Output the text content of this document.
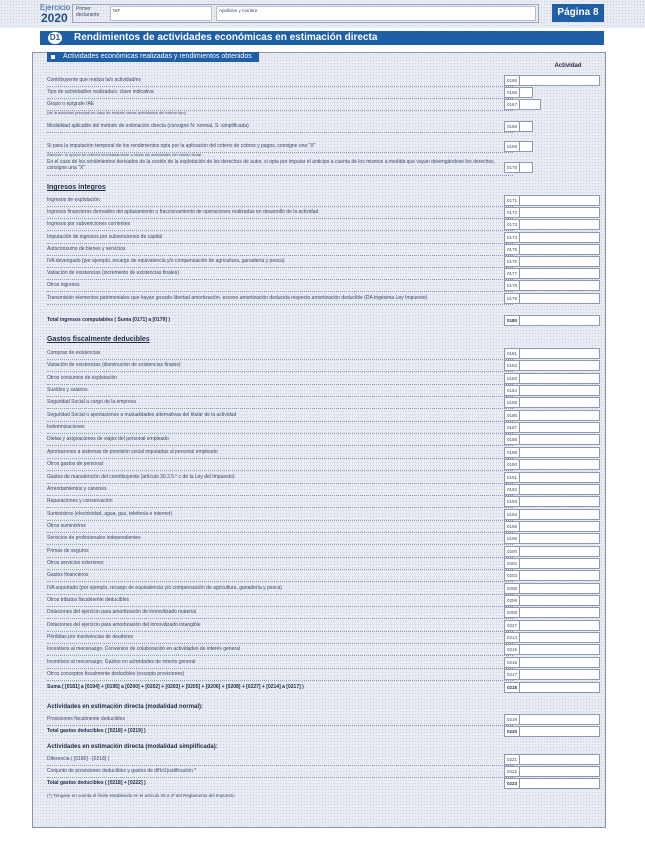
Ejercicio
2020
Primer declarante
NIF	Apellidos y nombre	Página 8
D1 Rendimientos de actividades económicas en estimación directa
Actividades económicas realizadas y rendimientos obtenidos
Actividad
Contribuyente que realiza la/s actividad/es	0165
Tipo de actividad/es realizada/s: clave indicativa	0166
Grupo o epígrafe IAE	0167
(de la actividad principal en caso de realizar varias actividades del mismo tipo)
Modalidad aplicable del método de estimación directa (consigne N: normal, S: simplificada)	0168
Si para la imputación temporal de los rendimientos opta por la aplicación del criterio de cobros y pagos, consigne una "X"	0169
Atención: la opción se referirá necesariamente a todas las actividades del mismo titular
En el caso de los rendimientos derivados de la cesión de la explotación de los derechos de autor, si opta por imputar el anticipo a cuenta de los mismos a medida que vayan devengándose los derechos, consigne una "X"	0170
Ingresos íntegros
Ingresos de explotación	0171
Ingresos financieros derivados del aplazamiento o fraccionamiento de operaciones realizadas en desarrollo de la actividad	0172
Ingresos por subvenciones corrientes	0173
Imputación de ingresos por subvenciones de capital	0174
Autoconsumo de bienes y servicios	0175
IVA devengado (por ejemplo, recargo de equivalencia y/o compensación de agricultura, ganadería y pesca)	0176
Variación de existencias (incremento de existencias finales)	0177
Otros ingresos	0178
Transmisión elementos patrimoniales que hayan gozado libertad amortización, exceso amortización deducida respecto amortización deducible (DA trigésima Ley Impuesto)	0179
Total ingresos computables ( Suma [0171] a [0179] )	0180
Gastos fiscalmente deducibles
Compras de existencias	0181
Variación de existencias (disminución de existencias finales)	0182
Otros consumos de explotación	0183
Sueldos y salarios	0184
Seguridad Social a cargo de la empresa	0185
Seguridad Social o aportaciones a mutualidades alternativas del titular de la actividad	0186
Indemnizaciones	0187
Dietas y asignaciones de viajes del personal empleado	0188
Aportaciones a sistemas de previsión social imputadas al personal empleado	0189
Otros gastos de personal	0190
Gastos de manutención del contribuyente (artículo 30.2.5.º c de la Ley del Impuesto)	0191
Arrendamientos y cánones	0192
Reparaciones y conservación	0193
Suministros (electricidad, agua, gas, telefonía e internet)	0194
Otros suministros	0195
Servicios de profesionales independientes	0196
Primas de seguros	0200
Otros servicios exteriores	0202
Gastos financieros	0203
IVA soportado (por ejemplo, recargo de equivalencia y/o compensación de agricultura, ganadería y pesca)	0205
Otros tributos fiscalmente deducibles	0206
Dotaciones del ejercicio para amortización de inmovilizado material	0208
Dotaciones del ejercicio para amortización del inmovilizado intangible	0227
Pérdidas por insolvencias de deudores	0214
Incentivos al mecenazgo. Convenios de colaboración en actividades de interés general	0215
Incentivos al mecenazgo. Gastos en actividades de interés general	0216
Otros conceptos fiscalmente deducibles (excepto provisiones)	0217
Suma ( [0181] a [0194] + [0195] a [0200] + [0202] + [0203] + [0205] + [0206] + [0208] + [0227] + [0214] a [0217] )	0218
Actividades en estimación directa (modalidad normal):
Provisiones fiscalmente deducibles	0219
Total gastos deducibles ( [0218] + [0219] )	0220
Actividades en estimación directa (modalidad simplificada):
Diferencia ( [0180] - [0218] )	0221
Conjunto de provisiones deducibles y gastos de difícil justificación *	0222
Total gastos deducibles ( [0218] + [0222] )	0223
(*) Téngase en cuenta el límite establecido en el artículo 30.2.4ª del Reglamento del Impuesto.
